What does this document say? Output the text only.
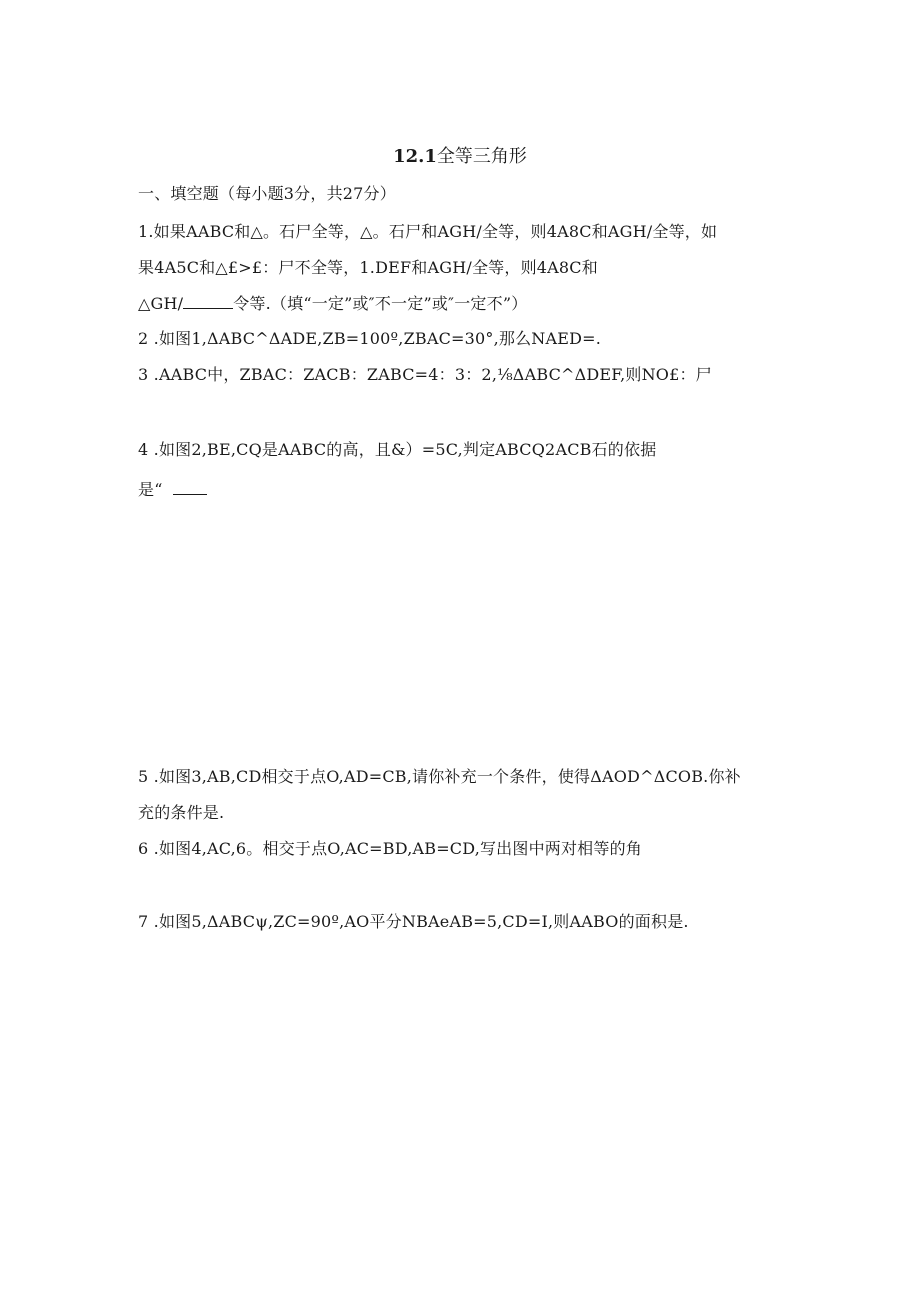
12.1全等三角形
一、填空题（每小题3分，共27分）
1.如果AABC和△。石尸全等，△。石尸和AGH/全等，则4A8C和AGH/全等，如
果4A5C和△£>£：尸不全等，1.DEF和AGH/全等，则4A8C和
△GH/	令等.（填“一定”或″不一定”或″一定不”）
2 .如图1,ΔABC^ΔADE,ZB=100º,ZBAC=30°,那么NAED=.
3 .AABC中，ZBAC：ZACB：ZABC=4：3：2,⅛ΔABC^ΔDEF,则NO£：尸
4 .如图2,BE,CQ是AABC的高，且&）=5C,判定ABCQ2ACB石的依据
是“
5 .如图3,AB,CD相交于点O,AD=CB,请你补充一个条件，使得ΔAOD^ΔCOB.你补
充的条件是.
6 .如图4,AC,6。相交于点O,AC=BD,AB=CD,写出图中两对相等的角
7 .如图5,ΔABCψ,ZC=90º,AO平分NBAeAB=5,CD=I,则AABO的面积是.
